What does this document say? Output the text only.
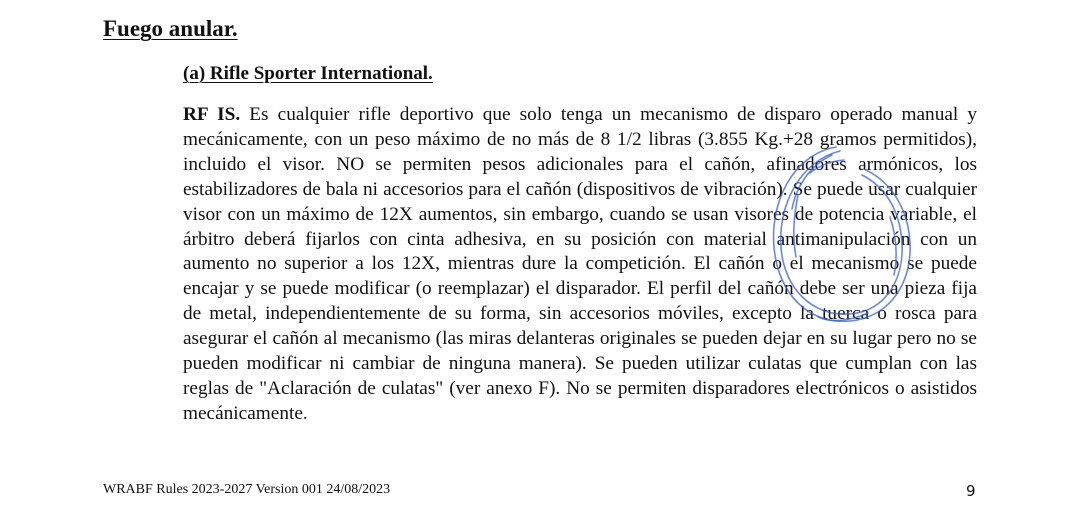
Fuego anular.
(a) Rifle Sporter International.
RF IS. Es cualquier rifle deportivo que solo tenga un mecanismo de disparo operado manual y mecánicamente, con un peso máximo de no más de 8 1/2 libras (3.855 Kg.+28 gramos permitidos), incluido el visor. NO se permiten pesos adicionales para el cañón, afinadores armónicos, los estabilizadores de bala ni accesorios para el cañón (dispositivos de vibración). Se puede usar cualquier visor con un máximo de 12X aumentos, sin embargo, cuando se usan visores de potencia variable, el árbitro deberá fijarlos con cinta adhesiva, en su posición con material antimanipulación con un aumento no superior a los 12X, mientras dure la competición. El cañón o el mecanismo se puede encajar y se puede modificar (o reemplazar) el disparador. El perfil del cañón debe ser una pieza fija de metal, independientemente de su forma, sin accesorios móviles, excepto la tuerca o rosca para asegurar el cañón al mecanismo (las miras delanteras originales se pueden dejar en su lugar pero no se pueden modificar ni cambiar de ninguna manera). Se pueden utilizar culatas que cumplan con las reglas de "Aclaración de culatas" (ver anexo F). No se permiten disparadores electrónicos o asistidos mecánicamente.
WRABF Rules 2023-2027 Version 001 24/08/2023	9
